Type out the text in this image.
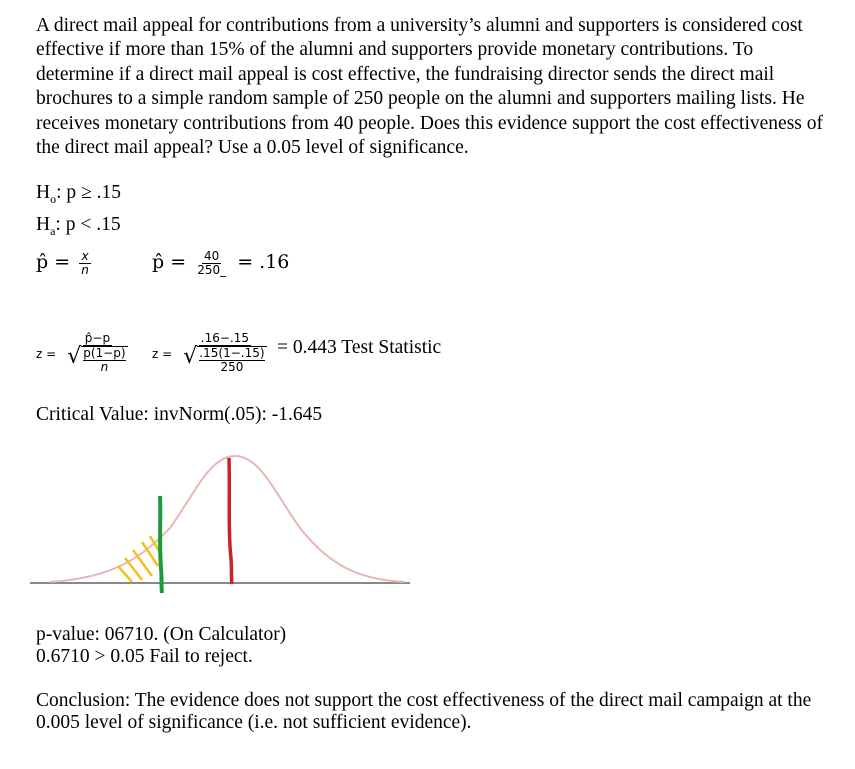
A direct mail appeal for contributions from a university’s alumni and supporters is considered cost effective if more than 15% of the alumni and supporters provide monetary contributions. To determine if a direct mail appeal is cost effective, the fundraising director sends the direct mail brochures to a simple random sample of 250 people on the alumni and supporters mailing lists. He receives monetary contributions from 40 people. Does this evidence support the cost effectiveness of the direct mail appeal? Use a 0.05 level of significance.
$H_o$: p ≥ .15
$H_a$: p < .15
p̂ = $\frac{x}{n}$	p̂ = $\frac{40}{250\_} = .16$
$z = \frac{p̂-p}{√ \frac{p(1-p)}{n}}$ $z = \frac{.16-.15}{√ \frac{.15(1-.15)}{250}} = 0.443$ Test Statistic
Critical Value: invNorm(.05): -1.645
p-value: 06710. (On Calculator)
0.6710 > 0.05 Fail to reject.
Conclusion: The evidence does not support the cost effectiveness of the direct mail campaign at the 0.005 level of significance (i.e. not sufficient evidence).
